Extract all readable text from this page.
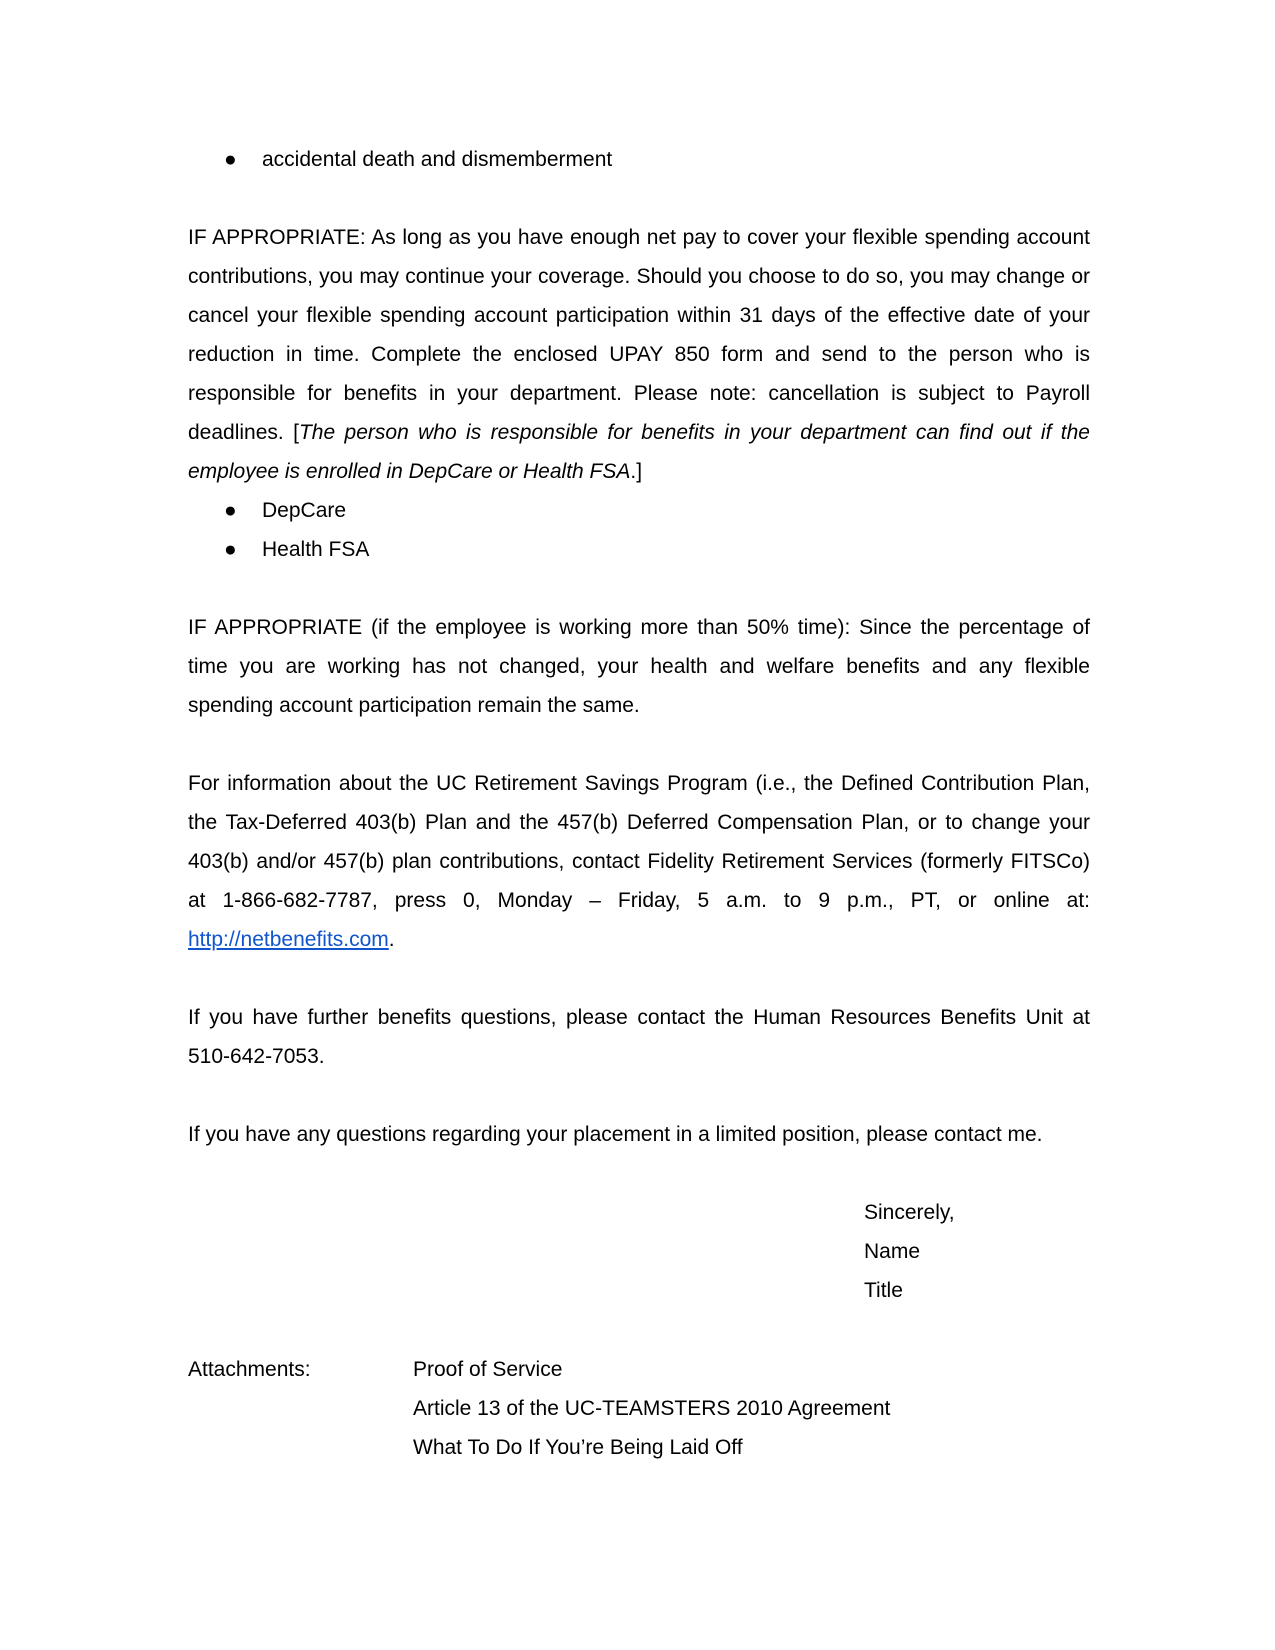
● accidental death and dismemberment

IF APPROPRIATE: As long as you have enough net pay to cover your flexible spending account contributions, you may continue your coverage. Should you choose to do so, you may change or cancel your flexible spending account participation within 31 days of the effective date of your reduction in time. Complete the enclosed UPAY 850 form and send to the person who is responsible for benefits in your department. Please note: cancellation is subject to Payroll deadlines. [The person who is responsible for benefits in your department can find out if the employee is enrolled in DepCare or Health FSA.]

● DepCare
● Health FSA

IF APPROPRIATE (if the employee is working more than 50% time): Since the percentage of time you are working has not changed, your health and welfare benefits and any flexible spending account participation remain the same.

For information about the UC Retirement Savings Program (i.e., the Defined Contribution Plan, the Tax-Deferred 403(b) Plan and the 457(b) Deferred Compensation Plan, or to change your 403(b) and/or 457(b) plan contributions, contact Fidelity Retirement Services (formerly FITSCo) at 1-866-682-7787, press 0, Monday – Friday, 5 a.m. to 9 p.m., PT, or online at: http://netbenefits.com.

If you have further benefits questions, please contact the Human Resources Benefits Unit at 510-642-7053.

If you have any questions regarding your placement in a limited position, please contact me.

Sincerely,
Name
Title
Attachments:	Proof of Service
Article 13 of the UC-TEAMSTERS 2010 Agreement
What To Do If You’re Being Laid Off
